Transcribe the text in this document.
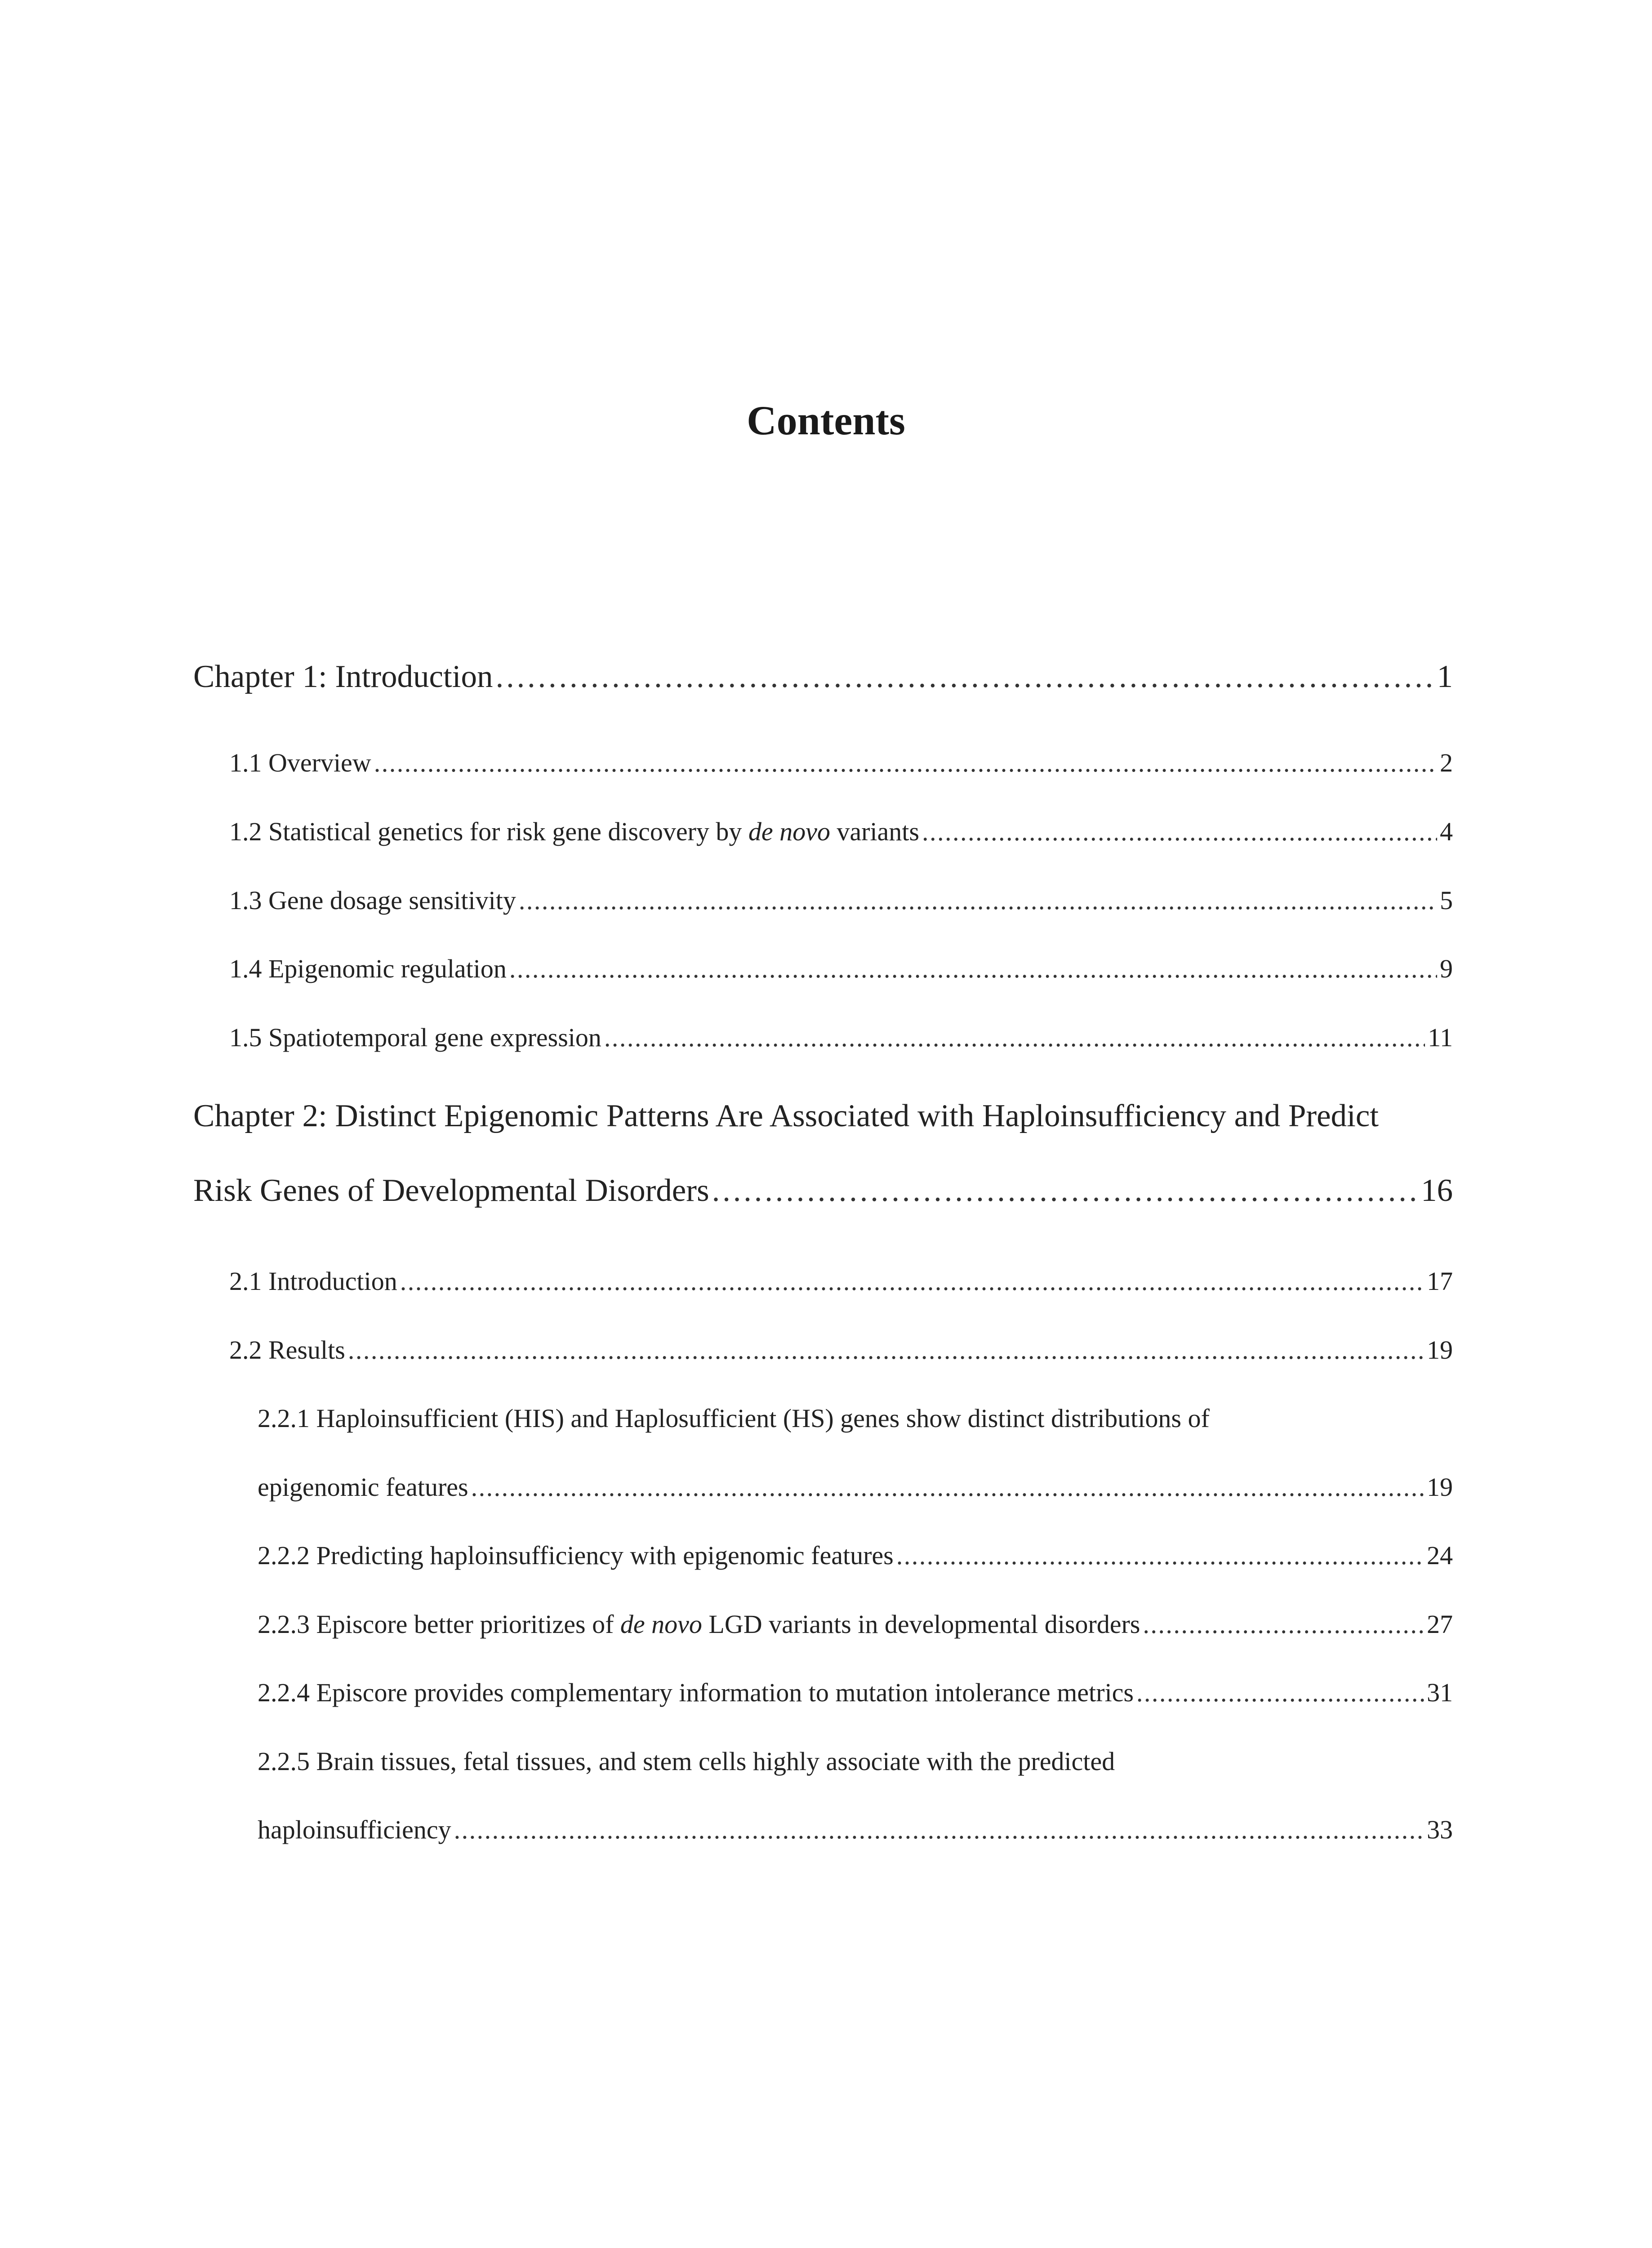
Contents
Chapter 1: Introduction . . .	1
1.1 Overview . . .	2
1.2 Statistical genetics for risk gene discovery by de novo variants . . .	4
1.3 Gene dosage sensitivity . . .	5
1.4 Epigenomic regulation . . .	9
1.5 Spatiotemporal gene expression . . .	11
Chapter 2: Distinct Epigenomic Patterns Are Associated with Haploinsufficiency and Predict
Risk Genes of Developmental Disorders . . .	16
2.1 Introduction . . .	17
2.2 Results . . .	19
2.2.1 Haploinsufficient (HIS) and Haplosufficient (HS) genes show distinct distributions of
epigenomic features . . .	19
2.2.2 Predicting haploinsufficiency with epigenomic features . . .	24
2.2.3 Episcore better prioritizes of de novo LGD variants in developmental disorders . . .	27
2.2.4 Episcore provides complementary information to mutation intolerance metrics . . .	31
2.2.5 Brain tissues, fetal tissues, and stem cells highly associate with the predicted
haploinsufficiency . . .	33
